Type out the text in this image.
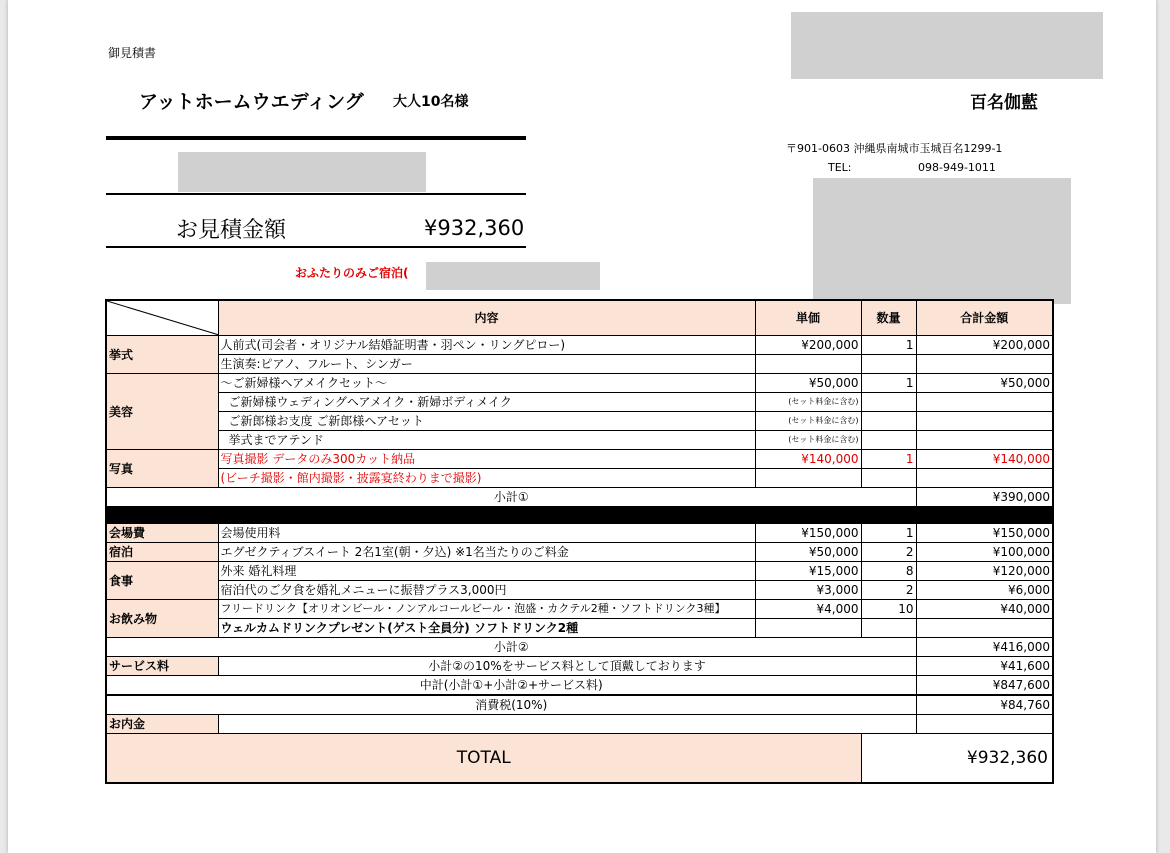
御見積書
アットホームウエディング 大人10名様	百名伽藍
〒901-0603 沖縄県南城市玉城百名1299-1
TEL:	098-949-1011
お見積金額	¥932,360
おふたりのみご宿泊(
	内容	単価	数量	合計金額
挙式	人前式(司会者・オリジナル結婚証明書・羽ペン・リングピロー)	¥200,000	1	¥200,000
	生演奏:ピアノ、フルート、シンガー			
美容	〜ご新婦様ヘアメイクセット〜	¥50,000	1	¥50,000
	ご新婦様ウェディングヘアメイク・新婦ボディメイク	(セット料金に含む)		
	ご新郎様お支度 ご新郎様ヘアセット	(セット料金に含む)		
	挙式までアテンド	(セット料金に含む)		
写真	写真撮影 データのみ300カット納品	¥140,000	1	¥140,000
	(ビーチ撮影・館内撮影・披露宴終わりまで撮影)			
小計①				¥390,000

会場費	会場使用料	¥150,000	1	¥150,000
宿泊	エグゼクティブスイート 2名1室(朝・夕込) ※1名当たりのご料金	¥50,000	2	¥100,000
食事	外来 婚礼料理	¥15,000	8	¥120,000
	宿泊代のご夕食を婚礼メニューに振替プラス3,000円	¥3,000	2	¥6,000
お飲み物	フリードリンク【オリオンビール・ノンアルコールビール・泡盛・カクテル2種・ソフトドリンク3種】	¥4,000	10	¥40,000
	ウェルカムドリンクプレゼント(ゲスト全員分) ソフトドリンク2種			
小計②				¥416,000
サービス料	小計②の10%をサービス料として頂戴しております			¥41,600
中計(小計①+小計②+サービス料)				¥847,600

消費税(10%)				¥84,760
お内金				
TOTAL			¥932,360	
